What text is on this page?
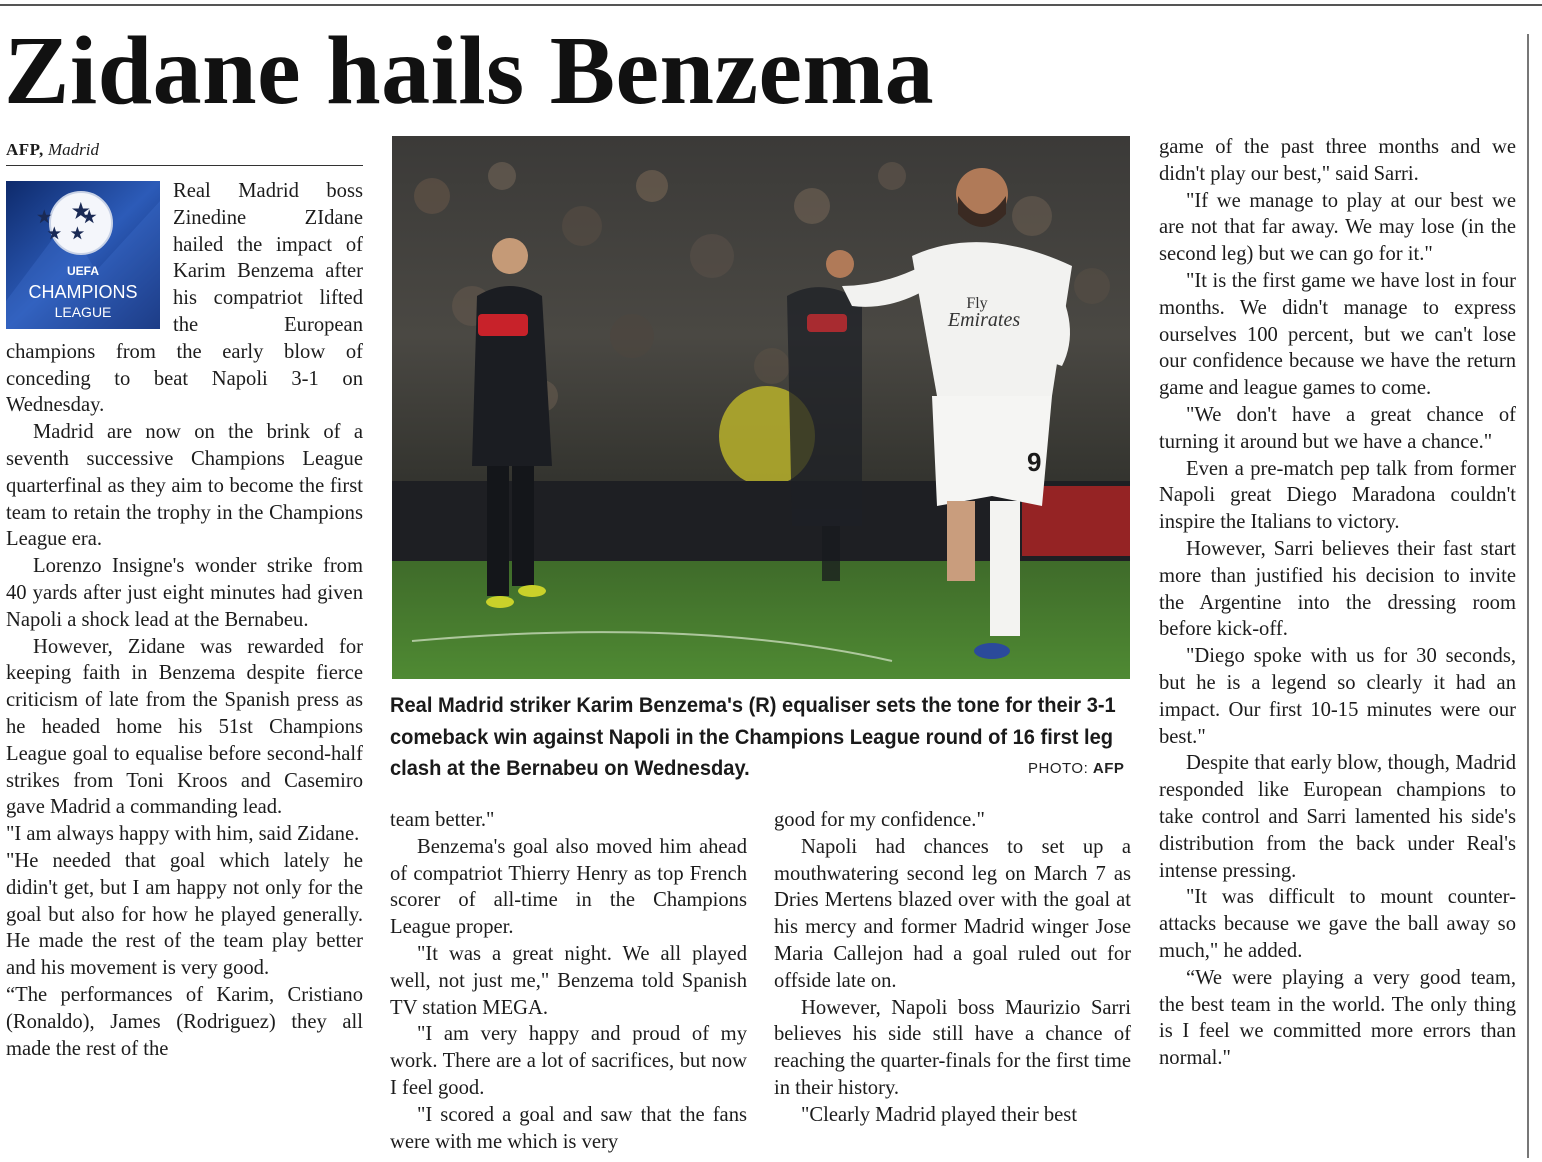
Zidane hails Benzema
AFP, Madrid
UEFA
CHAMPIONS
LEAGUE

Real Madrid boss Zinedine ZIdane hailed the impact of Karim Benzema after his compatriot lifted the European champions from the early blow of conceding to beat Napoli 3-1 on Wednesday.

Madrid are now on the brink of a seventh successive Champions League quarterfinal as they aim to become the first team to retain the trophy in the Champions League era.

Lorenzo Insigne's wonder strike from 40 yards after just eight minutes had given Napoli a shock lead at the Bernabeu.

However, Zidane was rewarded for keeping faith in Benzema despite fierce criticism of late from the Spanish press as he headed home his 51st Champions League goal to equalise before second-half strikes from Toni Kroos and Casemiro gave Madrid a commanding lead.

"I am always happy with him, said Zidane.

"He needed that goal which lately he didin't get, but I am happy not only for the goal but also for how he played generally. He made the rest of the team play better and his movement is very good.

“The performances of Karim, Cristiano (Ronaldo), James (Rodriguez) they all made the rest of the

Fly
Emirates
9
Real Madrid striker Karim Benzema's (R) equaliser sets the tone for their 3-1 comeback win against Napoli in the Champions League round of 16 first leg clash at the Bernabeu on Wednesday.	PHOTO: AFP

team better."

Benzema's goal also moved him ahead of compatriot Thierry Henry as top French scorer of all-time in the Champions League proper.

"It was a great night. We all played well, not just me," Benzema told Spanish TV station MEGA.

"I am very happy and proud of my work. There are a lot of sacrifices, but now I feel good.

"I scored a goal and saw that the fans were with me which is very

good for my confidence."

Napoli had chances to set up a mouthwatering second leg on March 7 as Dries Mertens blazed over with the goal at his mercy and former Madrid winger Jose Maria Callejon had a goal ruled out for offside late on.

However, Napoli boss Maurizio Sarri believes his side still have a chance of reaching the quarter-finals for the first time in their history.

"Clearly Madrid played their best

game of the past three months and we didn't play our best," said Sarri.

"If we manage to play at our best we are not that far away. We may lose (in the second leg) but we can go for it."

"It is the first game we have lost in four months. We didn't manage to express ourselves 100 percent, but we can't lose our confidence because we have the return game and league games to come.

"We don't have a great chance of turning it around but we have a chance."

Even a pre-match pep talk from former Napoli great Diego Maradona couldn't inspire the Italians to victory.

However, Sarri believes their fast start more than justified his decision to invite the Argentine into the dressing room before kick-off.

"Diego spoke with us for 30 seconds, but he is a legend so clearly it had an impact. Our first 10-15 minutes were our best."

Despite that early blow, though, Madrid responded like European champions to take control and Sarri lamented his side's distribution from the back under Real's intense pressing.

"It was difficult to mount counter-attacks because we gave the ball away so much," he added.

“We were playing a very good team, the best team in the world. The only thing is I feel we committed more errors than normal."
